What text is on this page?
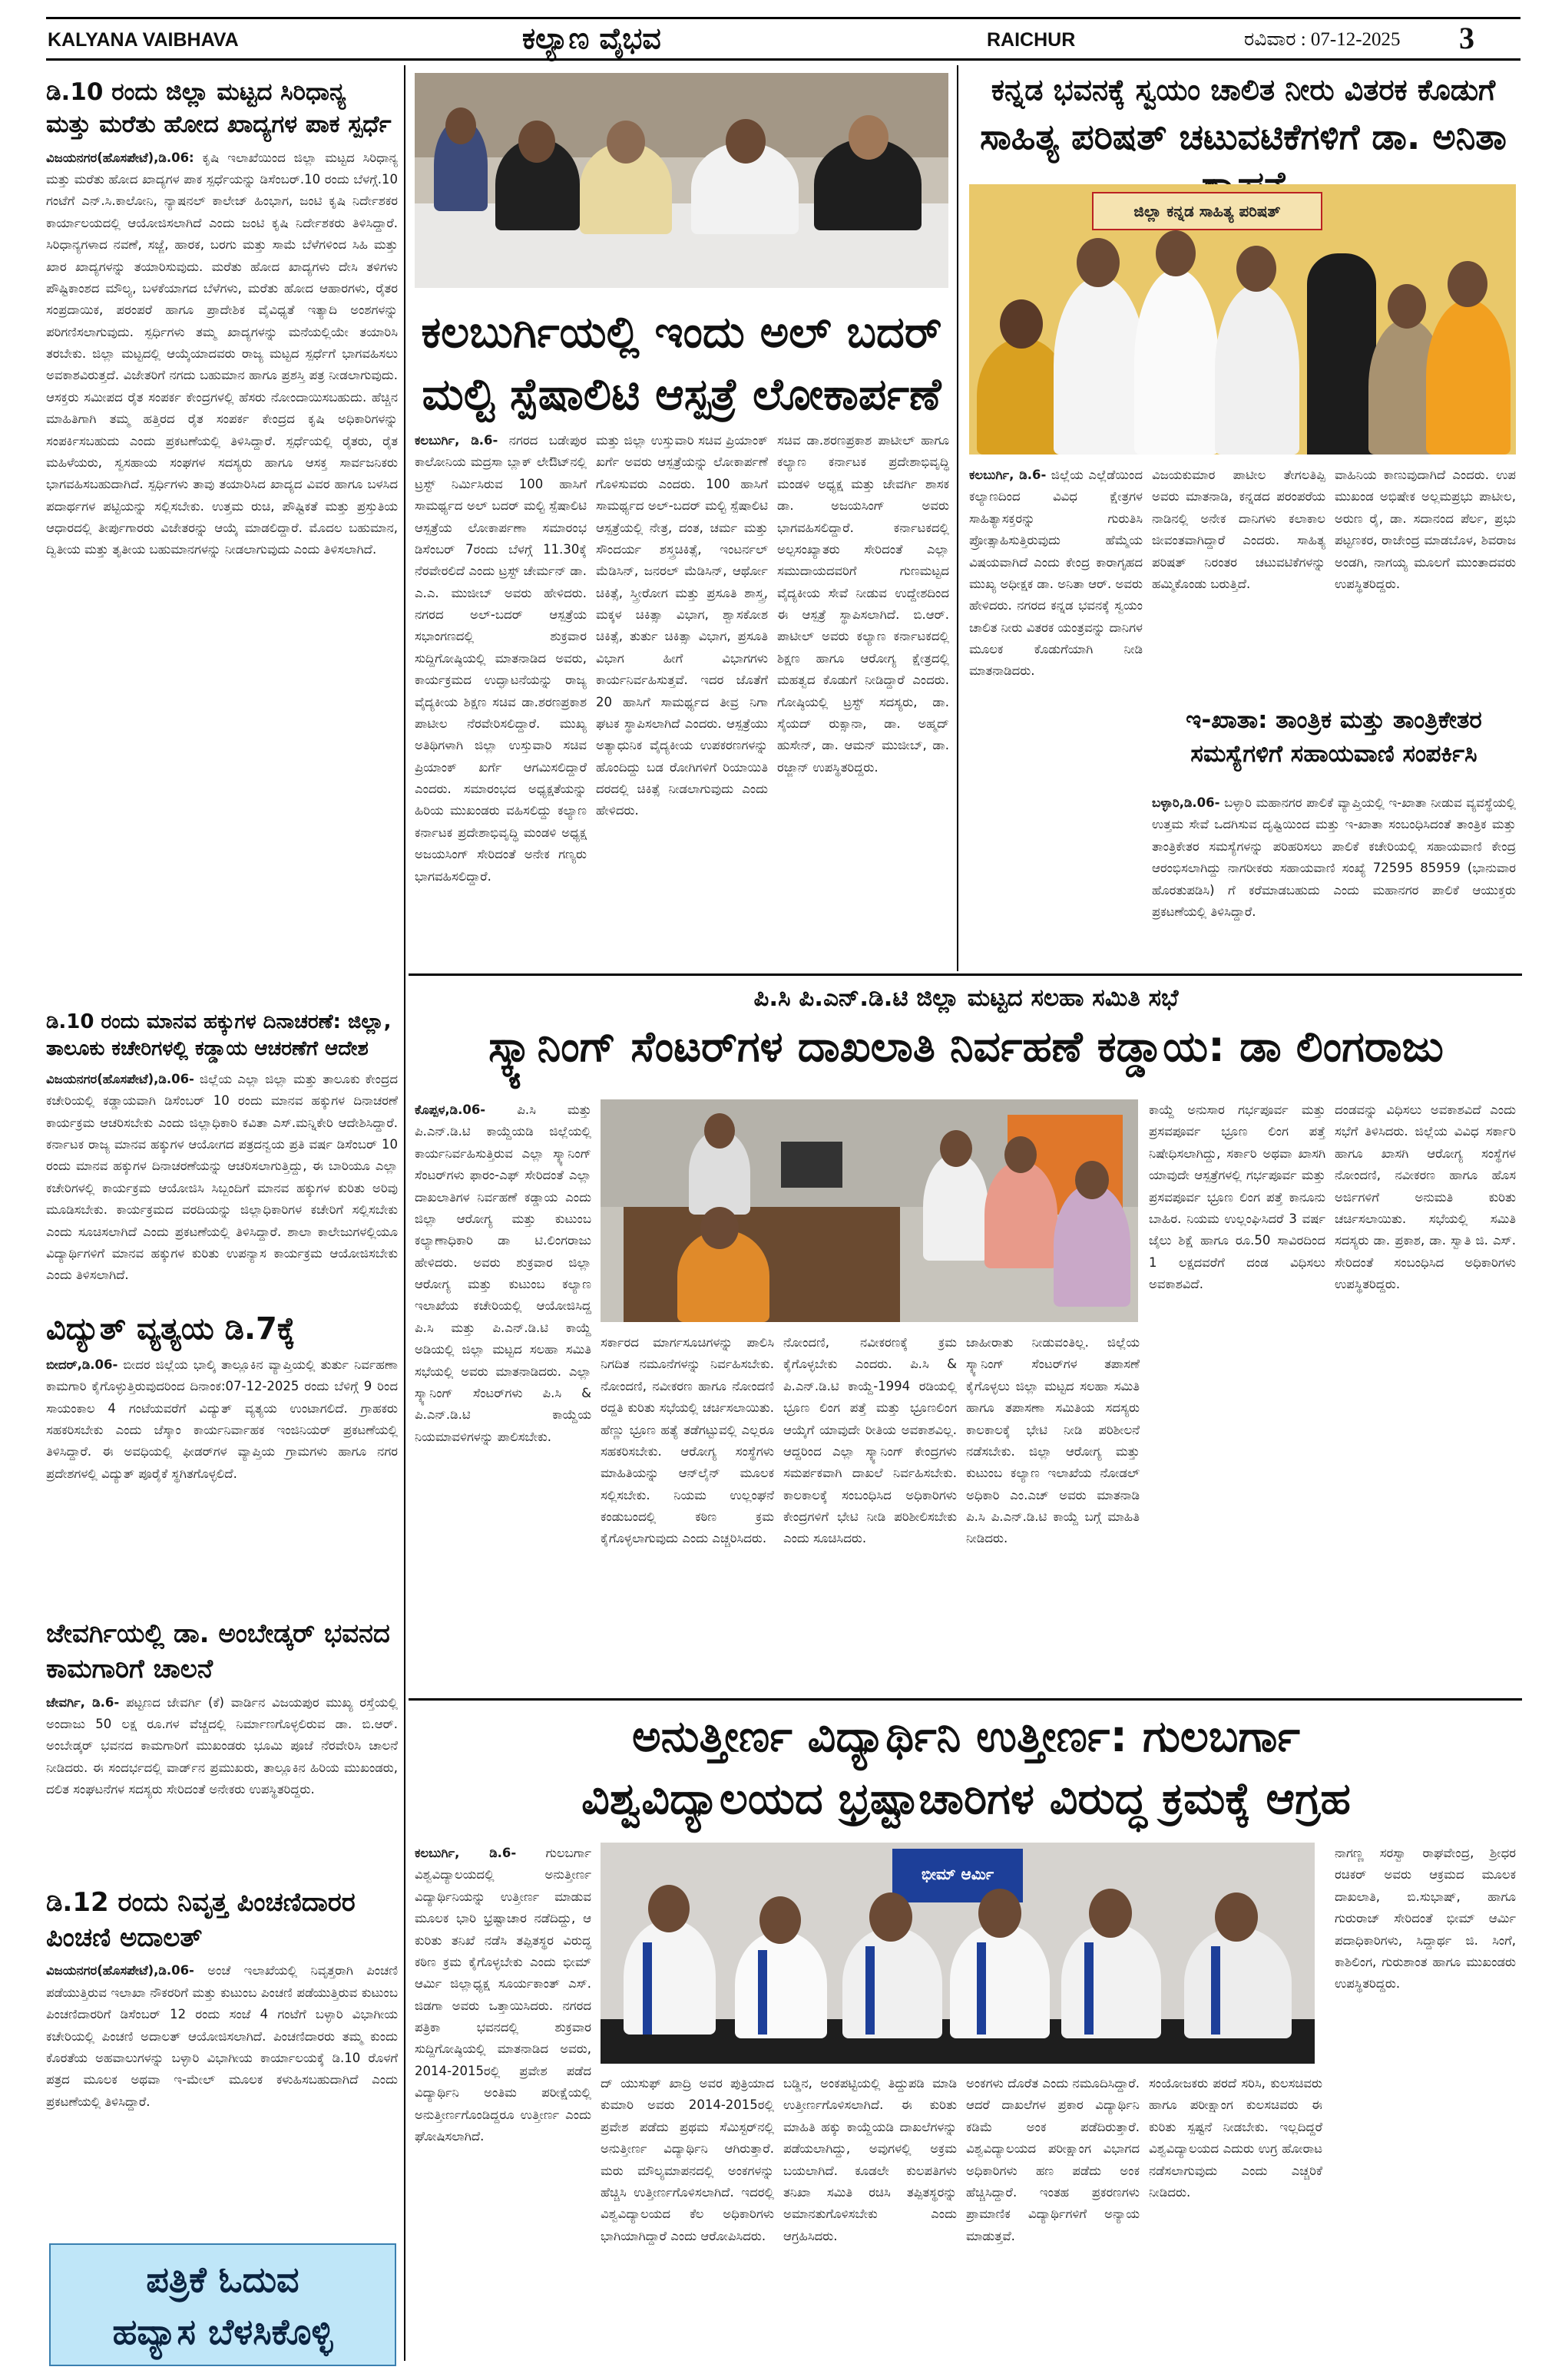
KALYANA VAIBHAVA	ಕಲ್ಯಾಣ ವೈಭವ	RAICHUR	ರವಿವಾರ : 07-12-2025 3
ಡಿ.10 ರಂದು ಜಿಲ್ಲಾ ಮಟ್ಟದ ಸಿರಿಧಾನ್ಯ ಮತ್ತು ಮರೆತು ಹೋದ ಖಾದ್ಯಗಳ ಪಾಕ ಸ್ಪರ್ಧೆ
ವಿಜಯನಗರ(ಹೊಸಪೇಟೆ),ಡಿ.06: ಕೃಷಿ ಇಲಾಖೆಯಿಂದ ಜಿಲ್ಲಾ ಮಟ್ಟದ ಸಿರಿಧಾನ್ಯ ಮತ್ತು ಮರೆತು ಹೋದ ಖಾದ್ಯಗಳ ಪಾಕ ಸ್ಪರ್ಧೆಯನ್ನು ಡಿಸೆಂಬರ್.10 ರಂದು ಬೆಳಗ್ಗೆ.10 ಗಂಟೆಗೆ ಎನ್.ಸಿ.ಕಾಲೋನಿ, ನ್ಯಾಷನಲ್ ಕಾಲೇಜ್ ಹಿಂಭಾಗ, ಜಂಟಿ ಕೃಷಿ ನಿರ್ದೇಶಕರ ಕಾರ್ಯಾಲಯದಲ್ಲಿ ಆಯೋಜಿಸಲಾಗಿದೆ ಎಂದು ಜಂಟಿ ಕೃಷಿ ನಿರ್ದೇಶಕರು ತಿಳಿಸಿದ್ದಾರೆ. ಸಿರಿಧಾನ್ಯಗಳಾದ ನವಣೆ, ಸಜ್ಜೆ, ಹಾರಕ, ಬರಗು ಮತ್ತು ಸಾಮೆ ಬೆಳೆಗಳಿಂದ ಸಿಹಿ ಮತ್ತು ಖಾರ ಖಾದ್ಯಗಳನ್ನು ತಯಾರಿಸುವುದು. ಮರೆತು ಹೋದ ಖಾದ್ಯಗಳು ದೇಸಿ ತಳಿಗಳು ಪೌಷ್ಟಿಕಾಂಶದ ಮೌಲ್ಯ, ಬಳಕೆಯಾಗದ ಬೆಳೆಗಳು, ಮರೆತು ಹೋದ ಆಹಾರಗಳು, ರೈತರ ಸಂಪ್ರದಾಯಿಕ, ಪರಂಪರೆ ಹಾಗೂ ಪ್ರಾದೇಶಿಕ ವೈವಿಧ್ಯತೆ ಇತ್ಯಾದಿ ಅಂಶಗಳನ್ನು ಪರಿಗಣಿಸಲಾಗುವುದು. ಸ್ಪರ್ಧಿಗಳು ತಮ್ಮ ಖಾದ್ಯಗಳನ್ನು ಮನೆಯಲ್ಲಿಯೇ ತಯಾರಿಸಿ ತರಬೇಕು. ಜಿಲ್ಲಾ ಮಟ್ಟದಲ್ಲಿ ಆಯ್ಕೆಯಾದವರು ರಾಜ್ಯ ಮಟ್ಟದ ಸ್ಪರ್ಧೆಗೆ ಭಾಗವಹಿಸಲು ಅವಕಾಶವಿರುತ್ತದೆ. ವಿಜೇತರಿಗೆ ನಗದು ಬಹುಮಾನ ಹಾಗೂ ಪ್ರಶಸ್ತಿ ಪತ್ರ ನೀಡಲಾಗುವುದು. ಆಸಕ್ತರು ಸಮೀಪದ ರೈತ ಸಂಪರ್ಕ ಕೇಂದ್ರಗಳಲ್ಲಿ ಹೆಸರು ನೋಂದಾಯಿಸಬಹುದು. ಹೆಚ್ಚಿನ ಮಾಹಿತಿಗಾಗಿ ತಮ್ಮ ಹತ್ತಿರದ ರೈತ ಸಂಪರ್ಕ ಕೇಂದ್ರದ ಕೃಷಿ ಅಧಿಕಾರಿಗಳನ್ನು ಸಂಪರ್ಕಿಸಬಹುದು ಎಂದು ಪ್ರಕಟಣೆಯಲ್ಲಿ ತಿಳಿಸಿದ್ದಾರೆ. ಸ್ಪರ್ಧೆಯಲ್ಲಿ ರೈತರು, ರೈತ ಮಹಿಳೆಯರು, ಸ್ವಸಹಾಯ ಸಂಘಗಳ ಸದಸ್ಯರು ಹಾಗೂ ಆಸಕ್ತ ಸಾರ್ವಜನಿಕರು ಭಾಗವಹಿಸಬಹುದಾಗಿದೆ. ಸ್ಪರ್ಧಿಗಳು ತಾವು ತಯಾರಿಸಿದ ಖಾದ್ಯದ ವಿವರ ಹಾಗೂ ಬಳಸಿದ ಪದಾರ್ಥಗಳ ಪಟ್ಟಿಯನ್ನು ಸಲ್ಲಿಸಬೇಕು. ಉತ್ತಮ ರುಚಿ, ಪೌಷ್ಟಿಕತೆ ಮತ್ತು ಪ್ರಸ್ತುತಿಯ ಆಧಾರದಲ್ಲಿ ತೀರ್ಪುಗಾರರು ವಿಜೇತರನ್ನು ಆಯ್ಕೆ ಮಾಡಲಿದ್ದಾರೆ. ಮೊದಲ ಬಹುಮಾನ, ದ್ವಿತೀಯ ಮತ್ತು ತೃತೀಯ ಬಹುಮಾನಗಳನ್ನು ನೀಡಲಾಗುವುದು ಎಂದು ತಿಳಿಸಲಾಗಿದೆ.
ಡಿ.10 ರಂದು ಮಾನವ ಹಕ್ಕುಗಳ ದಿನಾಚರಣೆ: ಜಿಲ್ಲಾ, ತಾಲೂಕು ಕಚೇರಿಗಳಲ್ಲಿ ಕಡ್ಡಾಯ ಆಚರಣೆಗೆ ಆದೇಶ
ವಿಜಯನಗರ(ಹೊಸಪೇಟೆ),ಡಿ.06- ಜಿಲ್ಲೆಯ ಎಲ್ಲಾ ಜಿಲ್ಲಾ ಮತ್ತು ತಾಲೂಕು ಕೇಂದ್ರದ ಕಚೇರಿಯಲ್ಲಿ ಕಡ್ಡಾಯವಾಗಿ ಡಿಸೆಂಬರ್ 10 ರಂದು ಮಾನವ ಹಕ್ಕುಗಳ ದಿನಾಚರಣೆ ಕಾರ್ಯಕ್ರಮ ಆಚರಿಸಬೇಕು ಎಂದು ಜಿಲ್ಲಾಧಿಕಾರಿ ಕವಿತಾ ಎಸ್.ಮನ್ನಿಕೇರಿ ಆದೇಶಿಸಿದ್ದಾರೆ. ಕರ್ನಾಟಕ ರಾಜ್ಯ ಮಾನವ ಹಕ್ಕುಗಳ ಆಯೋಗದ ಪತ್ರದನ್ವಯ ಪ್ರತಿ ವರ್ಷ ಡಿಸೆಂಬರ್ 10 ರಂದು ಮಾನವ ಹಕ್ಕುಗಳ ದಿನಾಚರಣೆಯನ್ನು ಆಚರಿಸಲಾಗುತ್ತಿದ್ದು, ಈ ಬಾರಿಯೂ ಎಲ್ಲಾ ಕಚೇರಿಗಳಲ್ಲಿ ಕಾರ್ಯಕ್ರಮ ಆಯೋಜಿಸಿ ಸಿಬ್ಬಂದಿಗೆ ಮಾನವ ಹಕ್ಕುಗಳ ಕುರಿತು ಅರಿವು ಮೂಡಿಸಬೇಕು. ಕಾರ್ಯಕ್ರಮದ ವರದಿಯನ್ನು ಜಿಲ್ಲಾಧಿಕಾರಿಗಳ ಕಚೇರಿಗೆ ಸಲ್ಲಿಸಬೇಕು ಎಂದು ಸೂಚಿಸಲಾಗಿದೆ ಎಂದು ಪ್ರಕಟಣೆಯಲ್ಲಿ ತಿಳಿಸಿದ್ದಾರೆ. ಶಾಲಾ ಕಾಲೇಜುಗಳಲ್ಲಿಯೂ ವಿದ್ಯಾರ್ಥಿಗಳಿಗೆ ಮಾನವ ಹಕ್ಕುಗಳ ಕುರಿತು ಉಪನ್ಯಾಸ ಕಾರ್ಯಕ್ರಮ ಆಯೋಜಿಸಬೇಕು ಎಂದು ತಿಳಿಸಲಾಗಿದೆ.
ವಿದ್ಯುತ್ ವ್ಯತ್ಯಯ ಡಿ.7ಕ್ಕೆ
ಬೀದರ್,ಡಿ.06- ಬೀದರ ಜಿಲ್ಲೆಯ ಭಾಲ್ಕಿ ತಾಲ್ಲೂಕಿನ ವ್ಯಾಪ್ತಿಯಲ್ಲಿ ತುರ್ತು ನಿರ್ವಹಣಾ ಕಾಮಗಾರಿ ಕೈಗೊಳ್ಳುತ್ತಿರುವುದರಿಂದ ದಿನಾಂಕ:07-12-2025 ರಂದು ಬೆಳಿಗ್ಗೆ 9 ರಿಂದ ಸಾಯಂಕಾಲ 4 ಗಂಟೆಯವರೆಗೆ ವಿದ್ಯುತ್ ವ್ಯತ್ಯಯ ಉಂಟಾಗಲಿದೆ. ಗ್ರಾಹಕರು ಸಹಕರಿಸಬೇಕು ಎಂದು ಜೆಸ್ಕಾಂ ಕಾರ್ಯನಿರ್ವಾಹಕ ಇಂಜಿನಿಯರ್ ಪ್ರಕಟಣೆಯಲ್ಲಿ ತಿಳಿಸಿದ್ದಾರೆ. ಈ ಅವಧಿಯಲ್ಲಿ ಫೀಡರ್‌ಗಳ ವ್ಯಾಪ್ತಿಯ ಗ್ರಾಮಗಳು ಹಾಗೂ ನಗರ ಪ್ರದೇಶಗಳಲ್ಲಿ ವಿದ್ಯುತ್ ಪೂರೈಕೆ ಸ್ಥಗಿತಗೊಳ್ಳಲಿದೆ.
ಜೇವರ್ಗಿಯಲ್ಲಿ ಡಾ. ಅಂಬೇಡ್ಕರ್ ಭವನದ ಕಾಮಗಾರಿಗೆ ಚಾಲನೆ
ಜೇವರ್ಗಿ, ಡಿ.6- ಪಟ್ಟಣದ ಜೇವರ್ಗಿ (ಕೆ) ವಾರ್ಡಿನ ವಿಜಯಪುರ ಮುಖ್ಯ ರಸ್ತೆಯಲ್ಲಿ ಅಂದಾಜು 50 ಲಕ್ಷ ರೂ.ಗಳ ವೆಚ್ಚದಲ್ಲಿ ನಿರ್ಮಾಣಗೊಳ್ಳಲಿರುವ ಡಾ. ಬಿ.ಆರ್. ಅಂಬೇಡ್ಕರ್ ಭವನದ ಕಾಮಗಾರಿಗೆ ಮುಖಂಡರು ಭೂಮಿ ಪೂಜೆ ನೆರವೇರಿಸಿ ಚಾಲನೆ ನೀಡಿದರು. ಈ ಸಂದರ್ಭದಲ್ಲಿ ವಾರ್ಡ್‌ನ ಪ್ರಮುಖರು, ತಾಲ್ಲೂಕಿನ ಹಿರಿಯ ಮುಖಂಡರು, ದಲಿತ ಸಂಘಟನೆಗಳ ಸದಸ್ಯರು ಸೇರಿದಂತೆ ಅನೇಕರು ಉಪಸ್ಥಿತರಿದ್ದರು.
ಡಿ.12 ರಂದು ನಿವೃತ್ತ ಪಿಂಚಣಿದಾರರ ಪಿಂಚಣಿ ಅದಾಲತ್
ವಿಜಯನಗರ(ಹೊಸಪೇಟೆ),ಡಿ.06- ಅಂಚೆ ಇಲಾಖೆಯಲ್ಲಿ ನಿವೃತ್ತರಾಗಿ ಪಿಂಚಣಿ ಪಡೆಯುತ್ತಿರುವ ಇಲಾಖಾ ನೌಕರರಿಗೆ ಮತ್ತು ಕುಟುಂಬ ಪಿಂಚಣಿ ಪಡೆಯುತ್ತಿರುವ ಕುಟುಂಬ ಪಿಂಚಣಿದಾರರಿಗೆ ಡಿಸೆಂಬರ್ 12 ರಂದು ಸಂಜೆ 4 ಗಂಟೆಗೆ ಬಳ್ಳಾರಿ ವಿಭಾಗೀಯ ಕಚೇರಿಯಲ್ಲಿ ಪಿಂಚಣಿ ಅದಾಲತ್ ಆಯೋಜಿಸಲಾಗಿದೆ. ಪಿಂಚಣಿದಾರರು ತಮ್ಮ ಕುಂದು ಕೊರತೆಯ ಅಹವಾಲುಗಳನ್ನು ಬಳ್ಳಾರಿ ವಿಭಾಗೀಯ ಕಾರ್ಯಾಲಯಕ್ಕೆ ಡಿ.10 ರೊಳಗೆ ಪತ್ರದ ಮೂಲಕ ಅಥವಾ ಇ-ಮೇಲ್ ಮೂಲಕ ಕಳುಹಿಸಬಹುದಾಗಿದೆ ಎಂದು ಪ್ರಕಟಣೆಯಲ್ಲಿ ತಿಳಿಸಿದ್ದಾರೆ.
ಪತ್ರಿಕೆ ಓದುವ
ಹವ್ಯಾಸ ಬೆಳಸಿಕೊಳ್ಳಿ
ಕಲಬುರ್ಗಿಯಲ್ಲಿ ಇಂದು ಅಲ್ ಬದರ್
ಮಲ್ಟಿ ಸ್ಪೆಷಾಲಿಟಿ ಆಸ್ಪತ್ರೆ ಲೋಕಾರ್ಪಣೆ
ಕಲಬುರ್ಗಿ, ಡಿ.6- ನಗರದ ಬಡೇಪುರ ಕಾಲೋನಿಯ ಮದ್ರಸಾ ಬ್ಲಾಕ್ ಲೇಔಟ್‌ನಲ್ಲಿ ಟ್ರಸ್ಟ್ ನಿರ್ಮಿಸಿರುವ 100 ಹಾಸಿಗೆ ಸಾಮರ್ಥ್ಯದ ಅಲ್ ಬದರ್ ಮಲ್ಟಿ ಸ್ಪೆಷಾಲಿಟಿ ಆಸ್ಪತ್ರೆಯ ಲೋಕಾರ್ಪಣಾ ಸಮಾರಂಭ ಡಿಸೆಂಬರ್ 7ರಂದು ಬೆಳಗ್ಗೆ 11.30ಕ್ಕೆ ನೆರವೇರಲಿದೆ ಎಂದು ಟ್ರಸ್ಟ್ ಚೇರ್ಮನ್ ಡಾ. ಎ.ಎ. ಮುಜೀಬ್ ಅವರು ಹೇಳಿದರು. ನಗರದ ಅಲ್-ಬದರ್ ಆಸ್ಪತ್ರೆಯ ಸಭಾಂಗಣದಲ್ಲಿ ಶುಕ್ರವಾರ ಸುದ್ದಿಗೋಷ್ಠಿಯಲ್ಲಿ ಮಾತನಾಡಿದ ಅವರು, ಕಾರ್ಯಕ್ರಮದ ಉದ್ಘಾಟನೆಯನ್ನು ರಾಜ್ಯ ವೈದ್ಯಕೀಯ ಶಿಕ್ಷಣ ಸಚಿವ ಡಾ.ಶರಣಪ್ರಕಾಶ ಪಾಟೀಲ ನೆರವೇರಿಸಲಿದ್ದಾರೆ. ಮುಖ್ಯ ಅತಿಥಿಗಳಾಗಿ ಜಿಲ್ಲಾ ಉಸ್ತುವಾರಿ ಸಚಿವ ಪ್ರಿಯಾಂಕ್ ಖರ್ಗೆ ಆಗಮಿಸಲಿದ್ದಾರೆ ಎಂದರು. ಸಮಾರಂಭದ ಅಧ್ಯಕ್ಷತೆಯನ್ನು ಹಿರಿಯ ಮುಖಂಡರು ವಹಿಸಲಿದ್ದು ಕಲ್ಯಾಣ ಕರ್ನಾಟಕ ಪ್ರದೇಶಾಭಿವೃದ್ಧಿ ಮಂಡಳಿ ಅಧ್ಯಕ್ಷ ಅಜಯಸಿಂಗ್ ಸೇರಿದಂತೆ ಅನೇಕ ಗಣ್ಯರು ಭಾಗವಹಿಸಲಿದ್ದಾರೆ.
ಮತ್ತು ಜಿಲ್ಲಾ ಉಸ್ತುವಾರಿ ಸಚಿವ ಪ್ರಿಯಾಂಕ್ ಖರ್ಗೆ ಅವರು ಆಸ್ಪತ್ರೆಯನ್ನು ಲೋಕಾರ್ಪಣೆ ಗೊಳಿಸುವರು ಎಂದರು. 100 ಹಾಸಿಗೆ ಸಾಮರ್ಥ್ಯದ ಅಲ್-ಬದರ್ ಮಲ್ಟಿ ಸ್ಪೆಷಾಲಿಟಿ ಆಸ್ಪತ್ರೆಯಲ್ಲಿ ನೇತ್ರ, ದಂತ, ಚರ್ಮ ಮತ್ತು ಸೌಂದರ್ಯ ಶಸ್ತ್ರಚಿಕಿತ್ಸೆ, ಇಂಟರ್ನಲ್ ಮೆಡಿಸಿನ್, ಜನರಲ್ ಮೆಡಿಸಿನ್, ಆರ್ಥೋ ಚಿಕಿತ್ಸೆ, ಸ್ತ್ರೀರೋಗ ಮತ್ತು ಪ್ರಸೂತಿ ಶಾಸ್ತ್ರ, ಮಕ್ಕಳ ಚಿಕಿತ್ಸಾ ವಿಭಾಗ, ಶ್ವಾಸಕೋಶ ಚಿಕಿತ್ಸೆ, ತುರ್ತು ಚಿಕಿತ್ಸಾ ವಿಭಾಗ, ಪ್ರಸೂತಿ ವಿಭಾಗ ಹೀಗೆ ವಿಭಾಗಗಳು ಕಾರ್ಯನಿರ್ವಹಿಸುತ್ತವೆ. ಇದರ ಜೊತೆಗೆ 20 ಹಾಸಿಗೆ ಸಾಮರ್ಥ್ಯದ ತೀವ್ರ ನಿಗಾ ಘಟಕ ಸ್ಥಾಪಿಸಲಾಗಿದೆ ಎಂದರು. ಆಸ್ಪತ್ರೆಯು ಅತ್ಯಾಧುನಿಕ ವೈದ್ಯಕೀಯ ಉಪಕರಣಗಳನ್ನು ಹೊಂದಿದ್ದು ಬಡ ರೋಗಿಗಳಿಗೆ ರಿಯಾಯಿತಿ ದರದಲ್ಲಿ ಚಿಕಿತ್ಸೆ ನೀಡಲಾಗುವುದು ಎಂದು ಹೇಳಿದರು.
ಸಚಿವ ಡಾ.ಶರಣಪ್ರಕಾಶ ಪಾಟೀಲ್ ಹಾಗೂ ಕಲ್ಯಾಣ ಕರ್ನಾಟಕ ಪ್ರದೇಶಾಭಿವೃದ್ಧಿ ಮಂಡಳಿ ಅಧ್ಯಕ್ಷ ಮತ್ತು ಜೇವರ್ಗಿ ಶಾಸಕ ಡಾ. ಅಜಯಸಿಂಗ್ ಅವರು ಭಾಗವಹಿಸಲಿದ್ದಾರೆ. ಕರ್ನಾಟಕದಲ್ಲಿ ಅಲ್ಪಸಂಖ್ಯಾತರು ಸೇರಿದಂತೆ ಎಲ್ಲಾ ಸಮುದಾಯದವರಿಗೆ ಗುಣಮಟ್ಟದ ವೈದ್ಯಕೀಯ ಸೇವೆ ನೀಡುವ ಉದ್ದೇಶದಿಂದ ಈ ಆಸ್ಪತ್ರೆ ಸ್ಥಾಪಿಸಲಾಗಿದೆ. ಬಿ.ಆರ್. ಪಾಟೀಲ್ ಅವರು ಕಲ್ಯಾಣ ಕರ್ನಾಟಕದಲ್ಲಿ ಶಿಕ್ಷಣ ಹಾಗೂ ಆರೋಗ್ಯ ಕ್ಷೇತ್ರದಲ್ಲಿ ಮಹತ್ವದ ಕೊಡುಗೆ ನೀಡಿದ್ದಾರೆ ಎಂದರು. ಗೋಷ್ಠಿಯಲ್ಲಿ ಟ್ರಸ್ಟ್ ಸದಸ್ಯರು, ಡಾ. ಸೈಯದ್ ರುಕ್ಸಾನಾ, ಡಾ. ಅಹ್ಮದ್ ಹುಸೇನ್, ಡಾ. ಆಮನ್ ಮುಜೀಬ್, ಡಾ. ರಜ್ಜಾನ್ ಉಪಸ್ಥಿತರಿದ್ದರು.
ಕನ್ನಡ ಭವನಕ್ಕೆ ಸ್ವಯಂ ಚಾಲಿತ ನೀರು ವಿತರಕ ಕೊಡುಗೆ
ಸಾಹಿತ್ಯ ಪರಿಷತ್ ಚಟುವಟಿಕೆಗಳಿಗೆ ಡಾ. ಅನಿತಾ
ಜಿಲ್ಲಾ ಕನ್ನಡ ಸಾಹಿತ್ಯ ಪರಿಷತ್
ಕಲಬುರ್ಗಿ, ಡಿ.6- ಜಿಲ್ಲೆಯ ಎಲ್ಲೆಡೆಯಿಂದ ಕಲ್ಯಾಣದಿಂದ ವಿವಿಧ ಕ್ಷೇತ್ರಗಳ ಸಾಹಿತ್ಯಾಸಕ್ತರನ್ನು ಗುರುತಿಸಿ ಪ್ರೋತ್ಸಾಹಿಸುತ್ತಿರುವುದು ಹೆಮ್ಮೆಯ ವಿಷಯವಾಗಿದೆ ಎಂದು ಕೇಂದ್ರ ಕಾರಾಗೃಹದ ಮುಖ್ಯ ಅಧೀಕ್ಷಕ ಡಾ. ಅನಿತಾ ಆರ್. ಅವರು ಹೇಳಿದರು. ನಗರದ ಕನ್ನಡ ಭವನಕ್ಕೆ ಸ್ವಯಂ ಚಾಲಿತ ನೀರು ವಿತರಕ ಯಂತ್ರವನ್ನು ದಾನಿಗಳ ಮೂಲಕ ಕೊಡುಗೆಯಾಗಿ ನೀಡಿ ಮಾತನಾಡಿದರು.
ವಿಜಯಕುಮಾರ ಪಾಟೀಲ ತೇಗಲತಿಪ್ಪಿ ಅವರು ಮಾತನಾಡಿ, ಕನ್ನಡದ ಪರಂಪರೆಯ ನಾಡಿನಲ್ಲಿ ಅನೇಕ ದಾನಿಗಳು ಕಲಾಕಾಲ ಜೀವಂತವಾಗಿದ್ದಾರೆ ಎಂದರು. ಸಾಹಿತ್ಯ ಪರಿಷತ್ ನಿರಂತರ ಚಟುವಟಿಕೆಗಳನ್ನು ಹಮ್ಮಿಕೊಂಡು ಬರುತ್ತಿದೆ.
ವಾಹಿನಿಯ ಕಾಣುವುದಾಗಿದೆ ಎಂದರು. ಉಪ ಮುಖಂಡ ಅಭಿಷೇಕ ಅಲ್ಲಮಪ್ರಭು ಪಾಟೀಲ, ಅರುಣ ರೈ, ಡಾ. ಸದಾನಂದ ಪೆರ್ಲ, ಪ್ರಭು ಪಟ್ಟಣಕರ, ರಾಜೇಂದ್ರ ಮಾಡಬೊಳ, ಶಿವರಾಜ ಅಂಡಗಿ, ನಾಗಯ್ಯ ಮೂಲಗೆ ಮುಂತಾದವರು ಉಪಸ್ಥಿತರಿದ್ದರು.
ಇ-ಖಾತಾ: ತಾಂತ್ರಿಕ ಮತ್ತು ತಾಂತ್ರಿಕೇತರ
ಸಮಸ್ಯೆಗಳಿಗೆ ಸಹಾಯವಾಣಿ ಸಂಪರ್ಕಿಸಿ
ಬಳ್ಳಾರಿ,ಡಿ.06- ಬಳ್ಳಾರಿ ಮಹಾನಗರ ಪಾಲಿಕೆ ವ್ಯಾಪ್ತಿಯಲ್ಲಿ ಇ-ಖಾತಾ ನೀಡುವ ವ್ಯವಸ್ಥೆಯಲ್ಲಿ ಉತ್ತಮ ಸೇವೆ ಒದಗಿಸುವ ದೃಷ್ಟಿಯಿಂದ ಮತ್ತು ಇ-ಖಾತಾ ಸಂಬಂಧಿಸಿದಂತೆ ತಾಂತ್ರಿಕ ಮತ್ತು ತಾಂತ್ರಿಕೇತರ ಸಮಸ್ಯೆಗಳನ್ನು ಪರಿಹರಿಸಲು ಪಾಲಿಕೆ ಕಚೇರಿಯಲ್ಲಿ ಸಹಾಯವಾಣಿ ಕೇಂದ್ರ ಆರಂಭಿಸಲಾಗಿದ್ದು ನಾಗರೀಕರು ಸಹಾಯವಾಣಿ ಸಂಖ್ಯೆ 72595 85959 (ಭಾನುವಾರ ಹೊರತುಪಡಿಸಿ) ಗೆ ಕರೆಮಾಡಬಹುದು ಎಂದು ಮಹಾನಗರ ಪಾಲಿಕೆ ಆಯುಕ್ತರು ಪ್ರಕಟಣೆಯಲ್ಲಿ ತಿಳಿಸಿದ್ದಾರೆ.
ಪಿ.ಸಿ ಪಿ.ಎನ್.ಡಿ.ಟಿ ಜಿಲ್ಲಾ ಮಟ್ಟದ ಸಲಹಾ ಸಮಿತಿ ಸಭೆ
ಸ್ಕ್ಯಾನಿಂಗ್ ಸೆಂಟರ್‌ಗಳ ದಾಖಲಾತಿ ನಿರ್ವಹಣೆ ಕಡ್ಡಾಯ: ಡಾ ಲಿಂಗರಾಜು
ಕೊಪ್ಪಳ,ಡಿ.06- ಪಿ.ಸಿ ಮತ್ತು ಪಿ.ಎನ್.ಡಿ.ಟಿ ಕಾಯ್ದೆಯಡಿ ಜಿಲ್ಲೆಯಲ್ಲಿ ಕಾರ್ಯನಿರ್ವಹಿಸುತ್ತಿರುವ ಎಲ್ಲಾ ಸ್ಕ್ಯಾನಿಂಗ್ ಸೆಂಟರ್‌ಗಳು ಫಾರಂ-ಎಫ್ ಸೇರಿದಂತೆ ಎಲ್ಲಾ ದಾಖಲಾತಿಗಳ ನಿರ್ವಹಣೆ ಕಡ್ಡಾಯ ಎಂದು ಜಿಲ್ಲಾ ಆರೋಗ್ಯ ಮತ್ತು ಕುಟುಂಬ ಕಲ್ಯಾಣಾಧಿಕಾರಿ ಡಾ ಟಿ.ಲಿಂಗರಾಜು ಹೇಳಿದರು. ಅವರು ಶುಕ್ರವಾರ ಜಿಲ್ಲಾ ಆರೋಗ್ಯ ಮತ್ತು ಕುಟುಂಬ ಕಲ್ಯಾಣ ಇಲಾಖೆಯ ಕಚೇರಿಯಲ್ಲಿ ಆಯೋಜಿಸಿದ್ದ ಪಿ.ಸಿ ಮತ್ತು ಪಿ.ಎನ್.ಡಿ.ಟಿ ಕಾಯ್ದೆ ಅಡಿಯಲ್ಲಿ ಜಿಲ್ಲಾ ಮಟ್ಟದ ಸಲಹಾ ಸಮಿತಿ ಸಭೆಯಲ್ಲಿ ಅವರು ಮಾತನಾಡಿದರು. ಎಲ್ಲಾ ಸ್ಕ್ಯಾನಿಂಗ್ ಸೆಂಟರ್‌ಗಳು ಪಿ.ಸಿ & ಪಿ.ಎನ್.ಡಿ.ಟಿ ಕಾಯ್ದೆಯ ನಿಯಮಾವಳಿಗಳನ್ನು ಪಾಲಿಸಬೇಕು.
ಸರ್ಕಾರದ ಮಾರ್ಗಸೂಚಿಗಳನ್ನು ಪಾಲಿಸಿ ನಿಗದಿತ ನಮೂನೆಗಳನ್ನು ನಿರ್ವಹಿಸಬೇಕು. ನೋಂದಣಿ, ನವೀಕರಣ ಹಾಗೂ ನೋಂದಣಿ ರದ್ದತಿ ಕುರಿತು ಸಭೆಯಲ್ಲಿ ಚರ್ಚಿಸಲಾಯಿತು. ಹೆಣ್ಣು ಭ್ರೂಣ ಹತ್ಯೆ ತಡೆಗಟ್ಟುವಲ್ಲಿ ಎಲ್ಲರೂ ಸಹಕರಿಸಬೇಕು. ಆರೋಗ್ಯ ಸಂಸ್ಥೆಗಳು ಮಾಹಿತಿಯನ್ನು ಆನ್‌ಲೈನ್ ಮೂಲಕ ಸಲ್ಲಿಸಬೇಕು. ನಿಯಮ ಉಲ್ಲಂಘನೆ ಕಂಡುಬಂದಲ್ಲಿ ಕಠಿಣ ಕ್ರಮ ಕೈಗೊಳ್ಳಲಾಗುವುದು ಎಂದು ಎಚ್ಚರಿಸಿದರು.
ನೋಂದಣಿ, ನವೀಕರಣಕ್ಕೆ ಕ್ರಮ ಕೈಗೊಳ್ಳಬೇಕು ಎಂದರು. ಪಿ.ಸಿ & ಪಿ.ಎನ್.ಡಿ.ಟಿ ಕಾಯ್ದೆ-1994 ರಡಿಯಲ್ಲಿ ಭ್ರೂಣ ಲಿಂಗ ಪತ್ತೆ ಮತ್ತು ಭ್ರೂಣಲಿಂಗ ಆಯ್ಕೆಗೆ ಯಾವುದೇ ರೀತಿಯ ಅವಕಾಶವಿಲ್ಲ. ಆದ್ದರಿಂದ ಎಲ್ಲಾ ಸ್ಕ್ಯಾನಿಂಗ್ ಕೇಂದ್ರಗಳು ಸಮರ್ಪಕವಾಗಿ ದಾಖಲೆ ನಿರ್ವಹಿಸಬೇಕು. ಕಾಲಕಾಲಕ್ಕೆ ಸಂಬಂಧಿಸಿದ ಅಧಿಕಾರಿಗಳು ಕೇಂದ್ರಗಳಿಗೆ ಭೇಟಿ ನೀಡಿ ಪರಿಶೀಲಿಸಬೇಕು ಎಂದು ಸೂಚಿಸಿದರು.
ಜಾಹೀರಾತು ನೀಡುವಂತಿಲ್ಲ. ಜಿಲ್ಲೆಯ ಸ್ಕ್ಯಾನಿಂಗ್ ಸೆಂಟರ್‌ಗಳ ತಪಾಸಣೆ ಕೈಗೊಳ್ಳಲು ಜಿಲ್ಲಾ ಮಟ್ಟದ ಸಲಹಾ ಸಮಿತಿ ಹಾಗೂ ತಪಾಸಣಾ ಸಮಿತಿಯ ಸದಸ್ಯರು ಕಾಲಕಾಲಕ್ಕೆ ಭೇಟಿ ನೀಡಿ ಪರಿಶೀಲನೆ ನಡೆಸಬೇಕು. ಜಿಲ್ಲಾ ಆರೋಗ್ಯ ಮತ್ತು ಕುಟುಂಬ ಕಲ್ಯಾಣ ಇಲಾಖೆಯ ನೋಡಲ್ ಅಧಿಕಾರಿ ಎಂ.ಎಚ್ ಅವರು ಮಾತನಾಡಿ ಪಿ.ಸಿ ಪಿ.ಎನ್.ಡಿ.ಟಿ ಕಾಯ್ದೆ ಬಗ್ಗೆ ಮಾಹಿತಿ ನೀಡಿದರು.
ಕಾಯ್ದೆ ಅನುಸಾರ ಗರ್ಭಪೂರ್ವ ಮತ್ತು ಪ್ರಸವಪೂರ್ವ ಭ್ರೂಣ ಲಿಂಗ ಪತ್ತೆ ನಿಷೇಧಿಸಲಾಗಿದ್ದು, ಸರ್ಕಾರಿ ಅಥವಾ ಖಾಸಗಿ ಯಾವುದೇ ಆಸ್ಪತ್ರೆಗಳಲ್ಲಿ ಗರ್ಭಪೂರ್ವ ಮತ್ತು ಪ್ರಸವಪೂರ್ವ ಭ್ರೂಣ ಲಿಂಗ ಪತ್ತೆ ಕಾನೂನು ಬಾಹಿರ. ನಿಯಮ ಉಲ್ಲಂಘಿಸಿದರೆ 3 ವರ್ಷ ಜೈಲು ಶಿಕ್ಷೆ ಹಾಗೂ ರೂ.50 ಸಾವಿರದಿಂದ 1 ಲಕ್ಷದವರೆಗೆ ದಂಡ ವಿಧಿಸಲು ಅವಕಾಶವಿದೆ.
ದಂಡವನ್ನು ವಿಧಿಸಲು ಅವಕಾಶವಿದೆ ಎಂದು ಸಭೆಗೆ ತಿಳಿಸಿದರು. ಜಿಲ್ಲೆಯ ವಿವಿಧ ಸರ್ಕಾರಿ ಹಾಗೂ ಖಾಸಗಿ ಆರೋಗ್ಯ ಸಂಸ್ಥೆಗಳ ನೋಂದಣಿ, ನವೀಕರಣ ಹಾಗೂ ಹೊಸ ಅರ್ಜಿಗಳಿಗೆ ಅನುಮತಿ ಕುರಿತು ಚರ್ಚಿಸಲಾಯಿತು. ಸಭೆಯಲ್ಲಿ ಸಮಿತಿ ಸದಸ್ಯರು ಡಾ. ಪ್ರಕಾಶ, ಡಾ. ಸ್ವಾತಿ ಜಿ. ಎಸ್. ಸೇರಿದಂತೆ ಸಂಬಂಧಿಸಿದ ಅಧಿಕಾರಿಗಳು ಉಪಸ್ಥಿತರಿದ್ದರು.
ಅನುತ್ತೀರ್ಣ ವಿದ್ಯಾರ್ಥಿನಿ ಉತ್ತೀರ್ಣ: ಗುಲಬರ್ಗಾ
ವಿಶ್ವವಿದ್ಯಾಲಯದ ಭ್ರಷ್ಟಾಚಾರಿಗಳ ವಿರುದ್ಧ ಕ್ರಮಕ್ಕೆ ಆಗ್ರಹ
ಕಲಬುರ್ಗಿ, ಡಿ.6- ಗುಲಬರ್ಗಾ ವಿಶ್ವವಿದ್ಯಾಲಯದಲ್ಲಿ ಅನುತ್ತೀರ್ಣ ವಿದ್ಯಾರ್ಥಿನಿಯನ್ನು ಉತ್ತೀರ್ಣ ಮಾಡುವ ಮೂಲಕ ಭಾರಿ ಭ್ರಷ್ಟಾಚಾರ ನಡೆದಿದ್ದು, ಆ ಕುರಿತು ತನಿಖೆ ನಡೆಸಿ ತಪ್ಪಿತಸ್ಥರ ವಿರುದ್ಧ ಕಠಿಣ ಕ್ರಮ ಕೈಗೊಳ್ಳಬೇಕು ಎಂದು ಭೀಮ್ ಆರ್ಮಿ ಜಿಲ್ಲಾಧ್ಯಕ್ಷ ಸೂರ್ಯಕಾಂತ್ ಎಸ್. ಜಿಡಗಾ ಅವರು ಒತ್ತಾಯಿಸಿದರು. ನಗರದ ಪತ್ರಿಕಾ ಭವನದಲ್ಲಿ ಶುಕ್ರವಾರ ಸುದ್ದಿಗೋಷ್ಠಿಯಲ್ಲಿ ಮಾತನಾಡಿದ ಅವರು, 2014-2015ರಲ್ಲಿ ಪ್ರವೇಶ ಪಡೆದ ವಿದ್ಯಾರ್ಥಿನಿ ಅಂತಿಮ ಪರೀಕ್ಷೆಯಲ್ಲಿ ಅನುತ್ತೀರ್ಣಗೊಂಡಿದ್ದರೂ ಉತ್ತೀರ್ಣ ಎಂದು ಘೋಷಿಸಲಾಗಿದೆ.
ಭೀಮ್ ಆರ್ಮಿ
ದ್ ಯುಸುಫ್ ಖಾದ್ರಿ ಅವರ ಪುತ್ರಿಯಾದ ಕುಮಾರಿ ಅವರು 2014-2015ರಲ್ಲಿ ಪ್ರವೇಶ ಪಡೆದು ಪ್ರಥಮ ಸೆಮಿಸ್ಟರ್‌ನಲ್ಲಿ ಅನುತ್ತೀರ್ಣ ವಿದ್ಯಾರ್ಥಿನಿ ಆಗಿರುತ್ತಾರೆ. ಮರು ಮೌಲ್ಯಮಾಪನದಲ್ಲಿ ಅಂಕಗಳನ್ನು ಹೆಚ್ಚಿಸಿ ಉತ್ತೀರ್ಣಗೊಳಿಸಲಾಗಿದೆ. ಇದರಲ್ಲಿ ವಿಶ್ವವಿದ್ಯಾಲಯದ ಕೆಲ ಅಧಿಕಾರಿಗಳು ಭಾಗಿಯಾಗಿದ್ದಾರೆ ಎಂದು ಆರೋಪಿಸಿದರು.
ಬಡ್ಡಿನ, ಅಂಕಪಟ್ಟಿಯಲ್ಲಿ ತಿದ್ದುಪಡಿ ಮಾಡಿ ಉತ್ತೀರ್ಣಗೊಳಿಸಲಾಗಿದೆ. ಈ ಕುರಿತು ಮಾಹಿತಿ ಹಕ್ಕು ಕಾಯ್ದೆಯಡಿ ದಾಖಲೆಗಳನ್ನು ಪಡೆಯಲಾಗಿದ್ದು, ಅವುಗಳಲ್ಲಿ ಅಕ್ರಮ ಬಯಲಾಗಿದೆ. ಕೂಡಲೇ ಕುಲಪತಿಗಳು ತನಿಖಾ ಸಮಿತಿ ರಚಿಸಿ ತಪ್ಪಿತಸ್ಥರನ್ನು ಅಮಾನತುಗೊಳಿಸಬೇಕು ಎಂದು ಆಗ್ರಹಿಸಿದರು.
ಅಂಕಗಳು ದೊರೆತ ಎಂದು ನಮೂದಿಸಿದ್ದಾರೆ. ಆದರೆ ದಾಖಲೆಗಳ ಪ್ರಕಾರ ವಿದ್ಯಾರ್ಥಿನಿ ಕಡಿಮೆ ಅಂಕ ಪಡೆದಿರುತ್ತಾರೆ. ವಿಶ್ವವಿದ್ಯಾಲಯದ ಪರೀಕ್ಷಾಂಗ ವಿಭಾಗದ ಅಧಿಕಾರಿಗಳು ಹಣ ಪಡೆದು ಅಂಕ ಹೆಚ್ಚಿಸಿದ್ದಾರೆ. ಇಂತಹ ಪ್ರಕರಣಗಳು ಪ್ರಾಮಾಣಿಕ ವಿದ್ಯಾರ್ಥಿಗಳಿಗೆ ಅನ್ಯಾಯ ಮಾಡುತ್ತವೆ.
ಸಂಯೋಜಕರು ಪರದೆ ಸರಿಸಿ, ಕುಲಸಚಿವರು ಹಾಗೂ ಪರೀಕ್ಷಾಂಗ ಕುಲಸಚಿವರು ಈ ಕುರಿತು ಸ್ಪಷ್ಟನೆ ನೀಡಬೇಕು. ಇಲ್ಲದಿದ್ದರೆ ವಿಶ್ವವಿದ್ಯಾಲಯದ ಎದುರು ಉಗ್ರ ಹೋರಾಟ ನಡೆಸಲಾಗುವುದು ಎಂದು ಎಚ್ಚರಿಕೆ ನೀಡಿದರು.
ನಾಗಣ್ಣ ಸರಸ್ವಾ ರಾಘವೇಂದ್ರ, ಶ್ರೀಧರ ರಚಿಕರ್ ಅವರು ಆಕ್ರಮದ ಮೂಲಕ ದಾಖಲಾತಿ, ಬಿ.ಸುಭಾಷ್, ಹಾಗೂ ಗುರುರಾಜ್ ಸೇರಿದಂತೆ ಭೀಮ್ ಆರ್ಮಿ ಪದಾಧಿಕಾರಿಗಳು, ಸಿದ್ದಾರ್ಥ ಜಿ. ಸಿಂಗೆ, ಕಾಶಿಲಿಂಗ, ಗುರುಶಾಂತ ಹಾಗೂ ಮುಖಂಡರು ಉಪಸ್ಥಿತರಿದ್ದರು.
